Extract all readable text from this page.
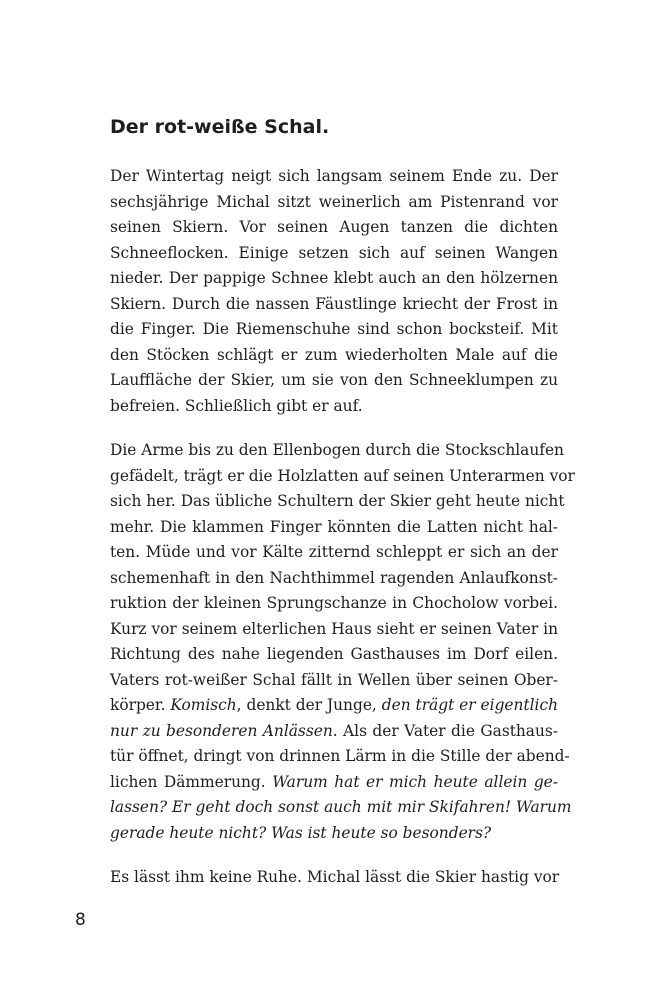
Der rot-weiße Schal.
Der Wintertag neigt sich langsam seinem Ende zu. Der
sechsjährige Michal sitzt weinerlich am Pistenrand vor
seinen Skiern. Vor seinen Augen tanzen die dichten
Schneeflocken. Einige setzen sich auf seinen Wangen
nieder. Der pappige Schnee klebt auch an den hölzernen
Skiern. Durch die nassen Fäustlinge kriecht der Frost in
die Finger. Die Riemenschuhe sind schon bocksteif. Mit
den Stöcken schlägt er zum wiederholten Male auf die
Lauffläche der Skier, um sie von den Schneeklumpen zu
befreien. Schließlich gibt er auf.
Die Arme bis zu den Ellenbogen durch die Stockschlaufen
gefädelt, trägt er die Holzlatten auf seinen Unterarmen vor
sich her. Das übliche Schultern der Skier geht heute nicht
mehr. Die klammen Finger könnten die Latten nicht hal-
ten. Müde und vor Kälte zitternd schleppt er sich an der
schemenhaft in den Nachthimmel ragenden Anlaufkonst-
ruktion der kleinen Sprungschanze in Chocholow vorbei.
Kurz vor seinem elterlichen Haus sieht er seinen Vater in
Richtung des nahe liegenden Gasthauses im Dorf eilen.
Vaters rot-weißer Schal fällt in Wellen über seinen Ober-
körper. Komisch, denkt der Junge, den trägt er eigentlich
nur zu besonderen Anlässen. Als der Vater die Gasthaus-
tür öffnet, dringt von drinnen Lärm in die Stille der abend-
lichen Dämmerung. Warum hat er mich heute allein ge-
lassen? Er geht doch sonst auch mit mir Skifahren! Warum
gerade heute nicht? Was ist heute so besonders?
Es lässt ihm keine Ruhe. Michal lässt die Skier hastig vor
8
